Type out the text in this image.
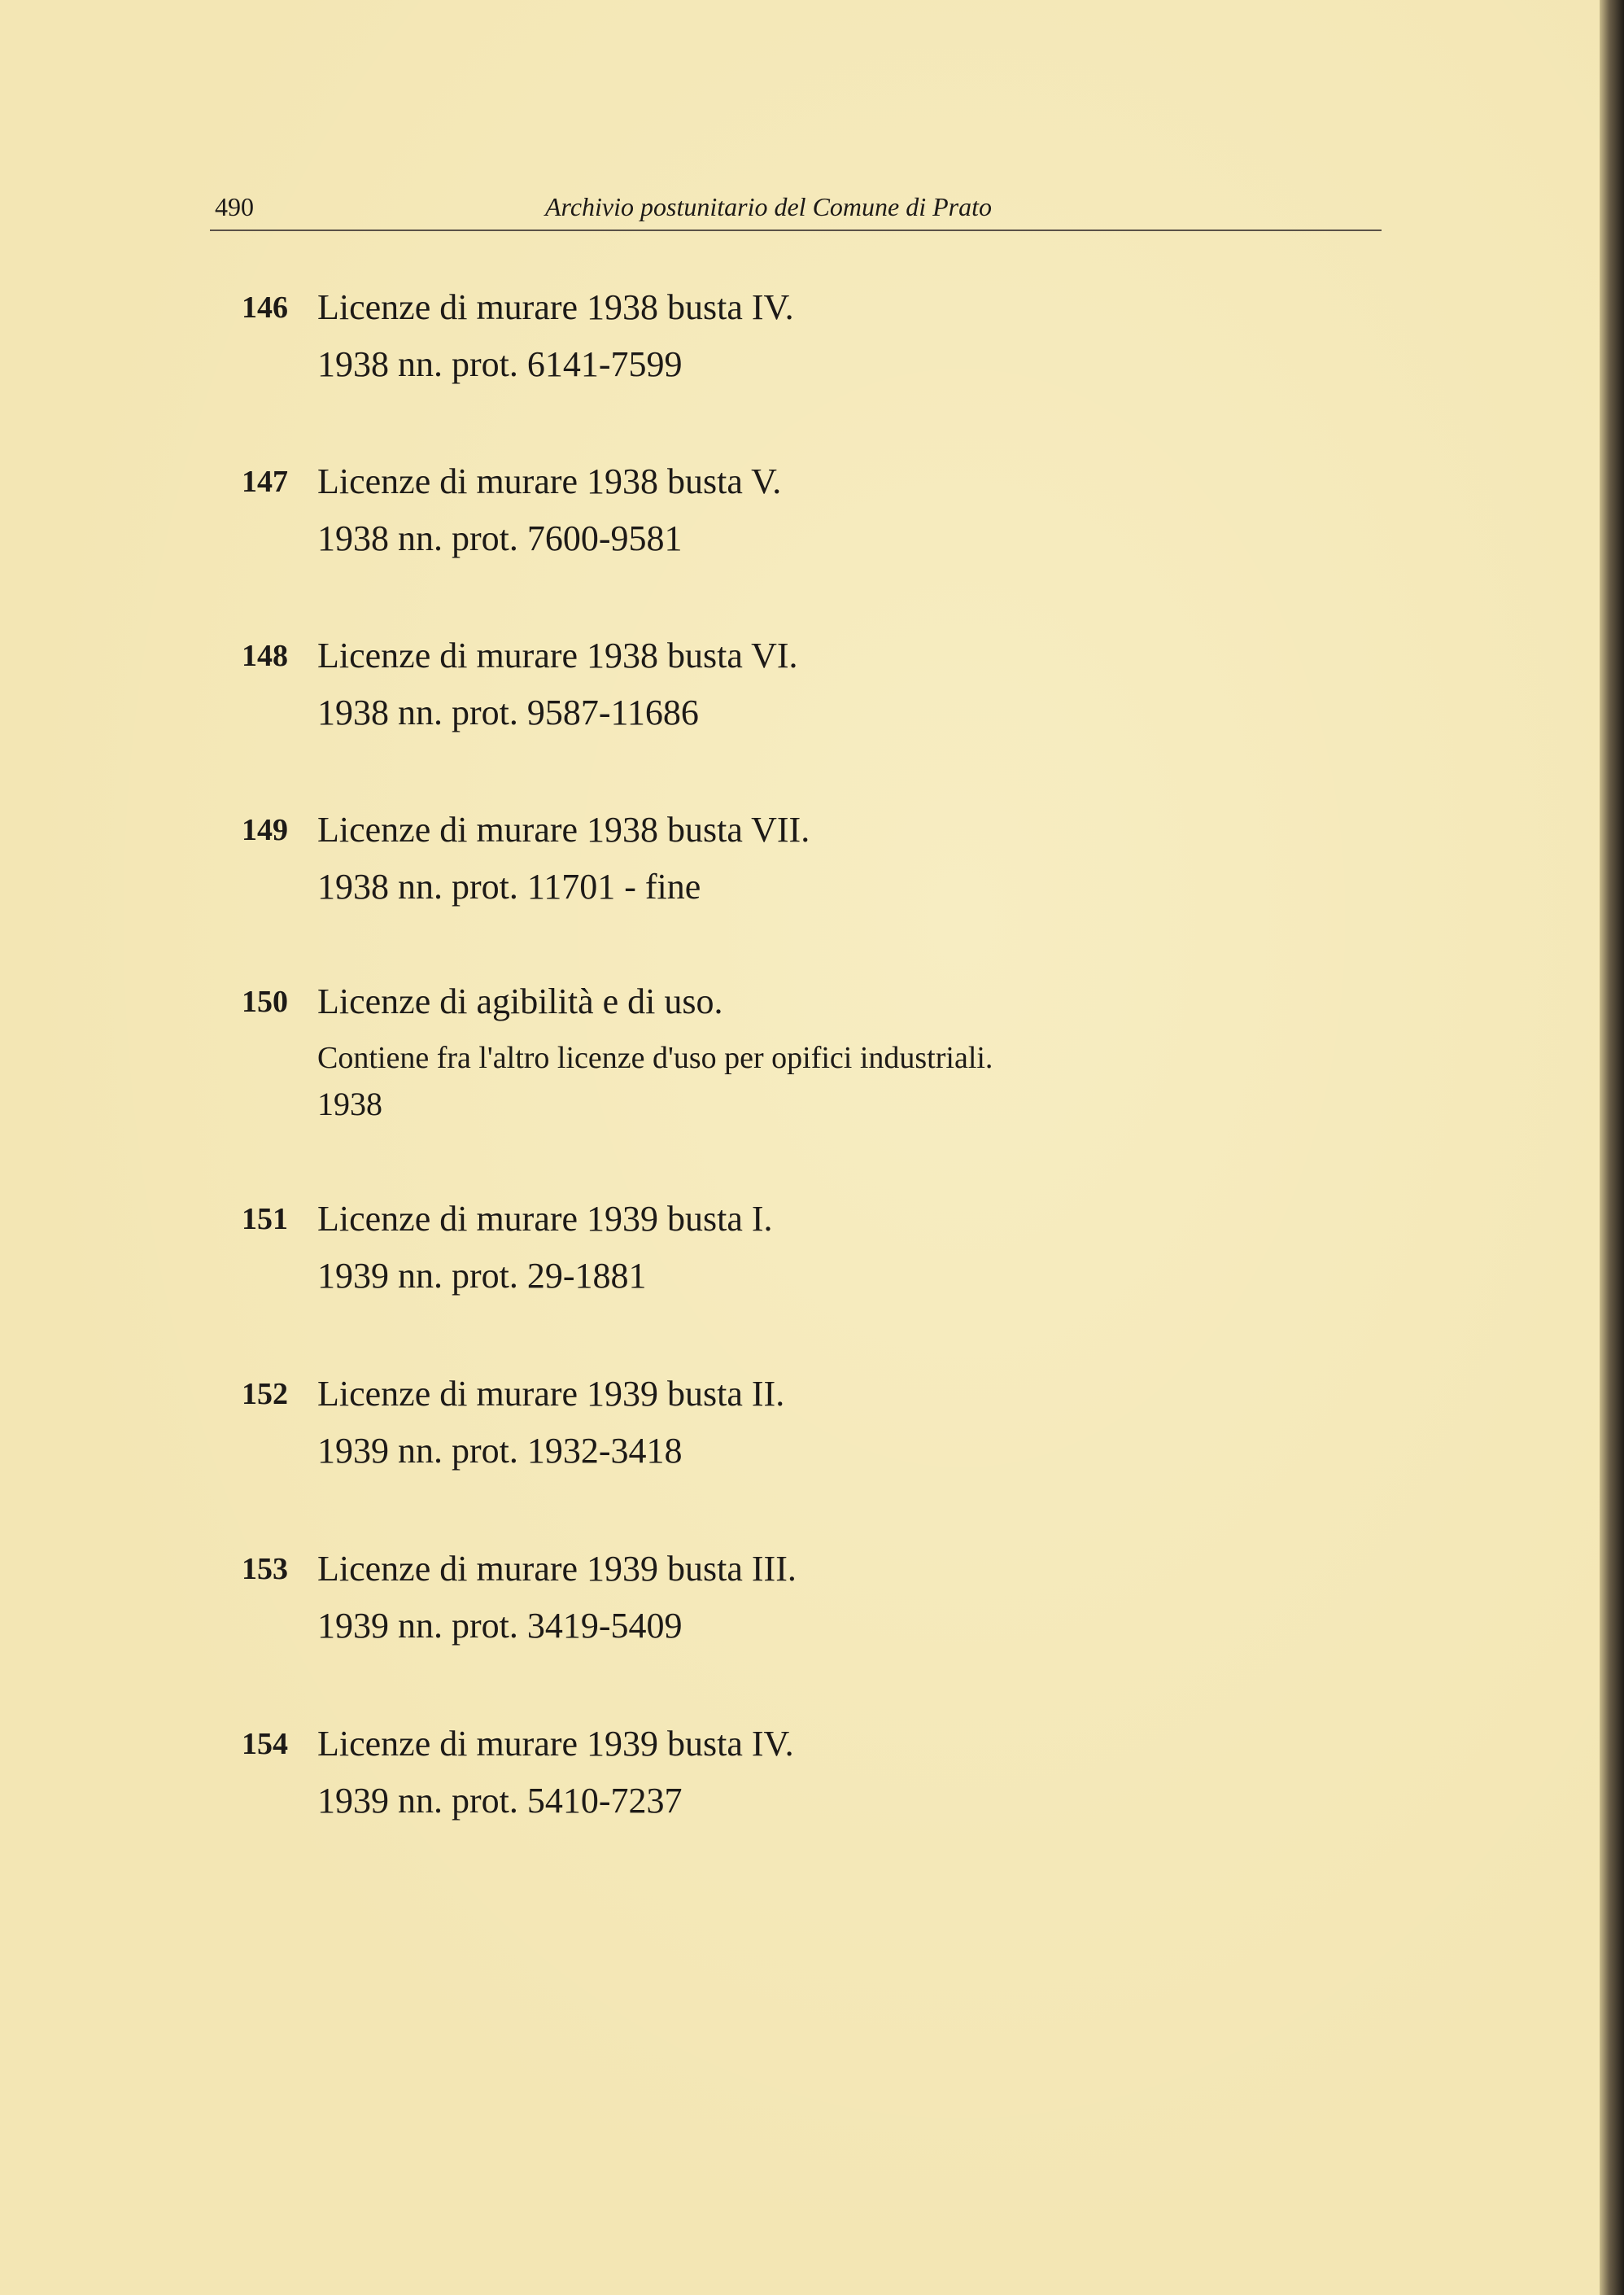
490	Archivio postunitario del Comune di Prato
146 Licenze di murare 1938 busta IV.
1938 nn. prot. 6141-7599
147 Licenze di murare 1938 busta V.
1938 nn. prot. 7600-9581
148 Licenze di murare 1938 busta VI.
1938 nn. prot. 9587-11686
149 Licenze di murare 1938 busta VII.
1938 nn. prot. 11701 - fine
150 Licenze di agibilità e di uso.
Contiene fra l'altro licenze d'uso per opifici industriali.
1938
151 Licenze di murare 1939 busta I.
1939 nn. prot. 29-1881
152 Licenze di murare 1939 busta II.
1939 nn. prot. 1932-3418
153 Licenze di murare 1939 busta III.
1939 nn. prot. 3419-5409
154 Licenze di murare 1939 busta IV.
1939 nn. prot. 5410-7237
